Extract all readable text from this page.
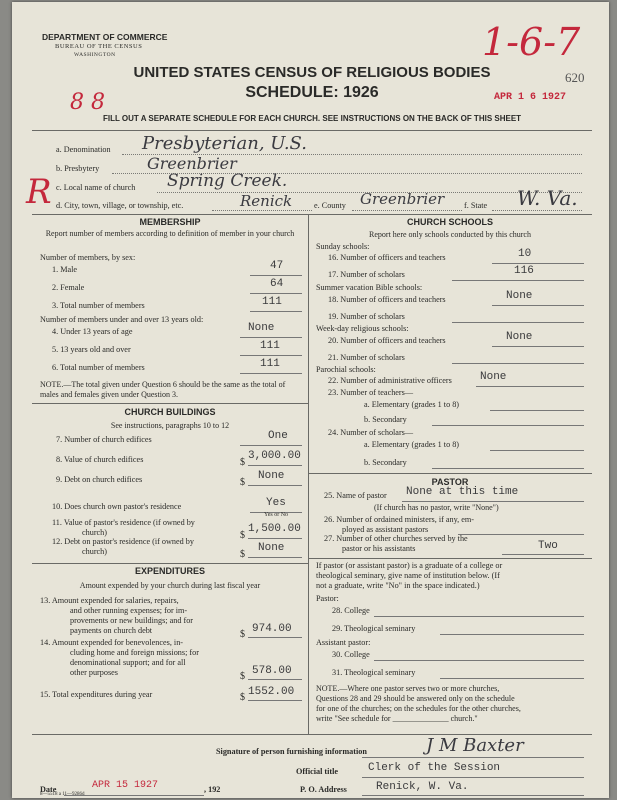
DEPARTMENT OF COMMERCE
BUREAU OF THE CENSUS
WASHINGTON
UNITED STATES CENSUS OF RELIGIOUS BODIES
SCHEDULE: 1926
FILL OUT A SEPARATE SCHEDULE FOR EACH CHURCH. SEE INSTRUCTIONS ON THE BACK OF THIS SHEET
1-6-7
620
APR 1 6 1927
8 8
R
a. Denomination Presbyterian, U.S.
b. Presbytery	Greenbrier
c. Local name of church Spring Creek.
d. City, town, village, or township, etc.	Renick	e. County Greenbrier f. State W. Va.
MEMBERSHIP
Report number of members according to definition of member in your church
Number of members, by sex:
1. Male	47
2. Female	64
3. Total number of members	111
Number of members under and over 13 years old:
4. Under 13 years of age	None
5. 13 years old and over	111
6. Total number of members	111
NOTE.—The total given under Question 6 should be the same as the total of males and females given under Question 3.
CHURCH BUILDINGS
See instructions, paragraphs 10 to 12
7. Number of church edifices	One
8. Value of church edifices	$
3,000.00
9. Debt on church edifices	$
None
10. Does church own pastor's residence	Yes
Yes or No
11. Value of pastor's residence (if owned by
church)	$
1,500.00
12. Debt on pastor's residence (if owned by
church)	$
None
EXPENDITURES
Amount expended by your church during last fiscal year
13. Amount expended for salaries, repairs,
and other running expenses; for im-
provements or new buildings; and for
payments on church debt	$ 974.00
14. Amount expended for benevolences, in-
cluding home and foreign missions; for
denominational support; and for all
other purposes	$ 578.00
15. Total expenditures during year	$ 1552.00
CHURCH SCHOOLS
Report here only schools conducted by this church
Sunday schools:
16. Number of officers and teachers	10
17. Number of scholars	116
Summer vacation Bible schools:
18. Number of officers and teachers	None
19. Number of scholars
Week-day religious schools:
20. Number of officers and teachers	None
21. Number of scholars
Parochial schools:
22. Number of administrative officers	None
23. Number of teachers—
a. Elementary (grades 1 to 8)
b. Secondary
24. Number of scholars—
a. Elementary (grades 1 to 8)
b. Secondary
PASTOR
25. Name of pastor None at this time
(If church has no pastor, write "None")
26. Number of ordained ministers, if any, em-
ployed as assistant pastors
27. Number of other churches served by the
pastor or his assistants	Two
If pastor (or assistant pastor) is a graduate of a college or
theological seminary, give name of institution below. (If
not a graduate, write "No" in the space indicated.)
Pastor:
28. College
29. Theological seminary
Assistant pastor:
30. College
31. Theological seminary
NOTE.—Where one pastor serves two or more churches,
Questions 28 and 29 should be answered only on the schedule
for one of the churches; on the schedules for the other churches,
write "See schedule for ______________ church."
Signature of person furnishing information	J M Baxter
Official title	Clerk of the Session
Date	APR 15 1927	, 192	P. O. Address	Renick, W. Va.
8—5518 a 11—9286d
